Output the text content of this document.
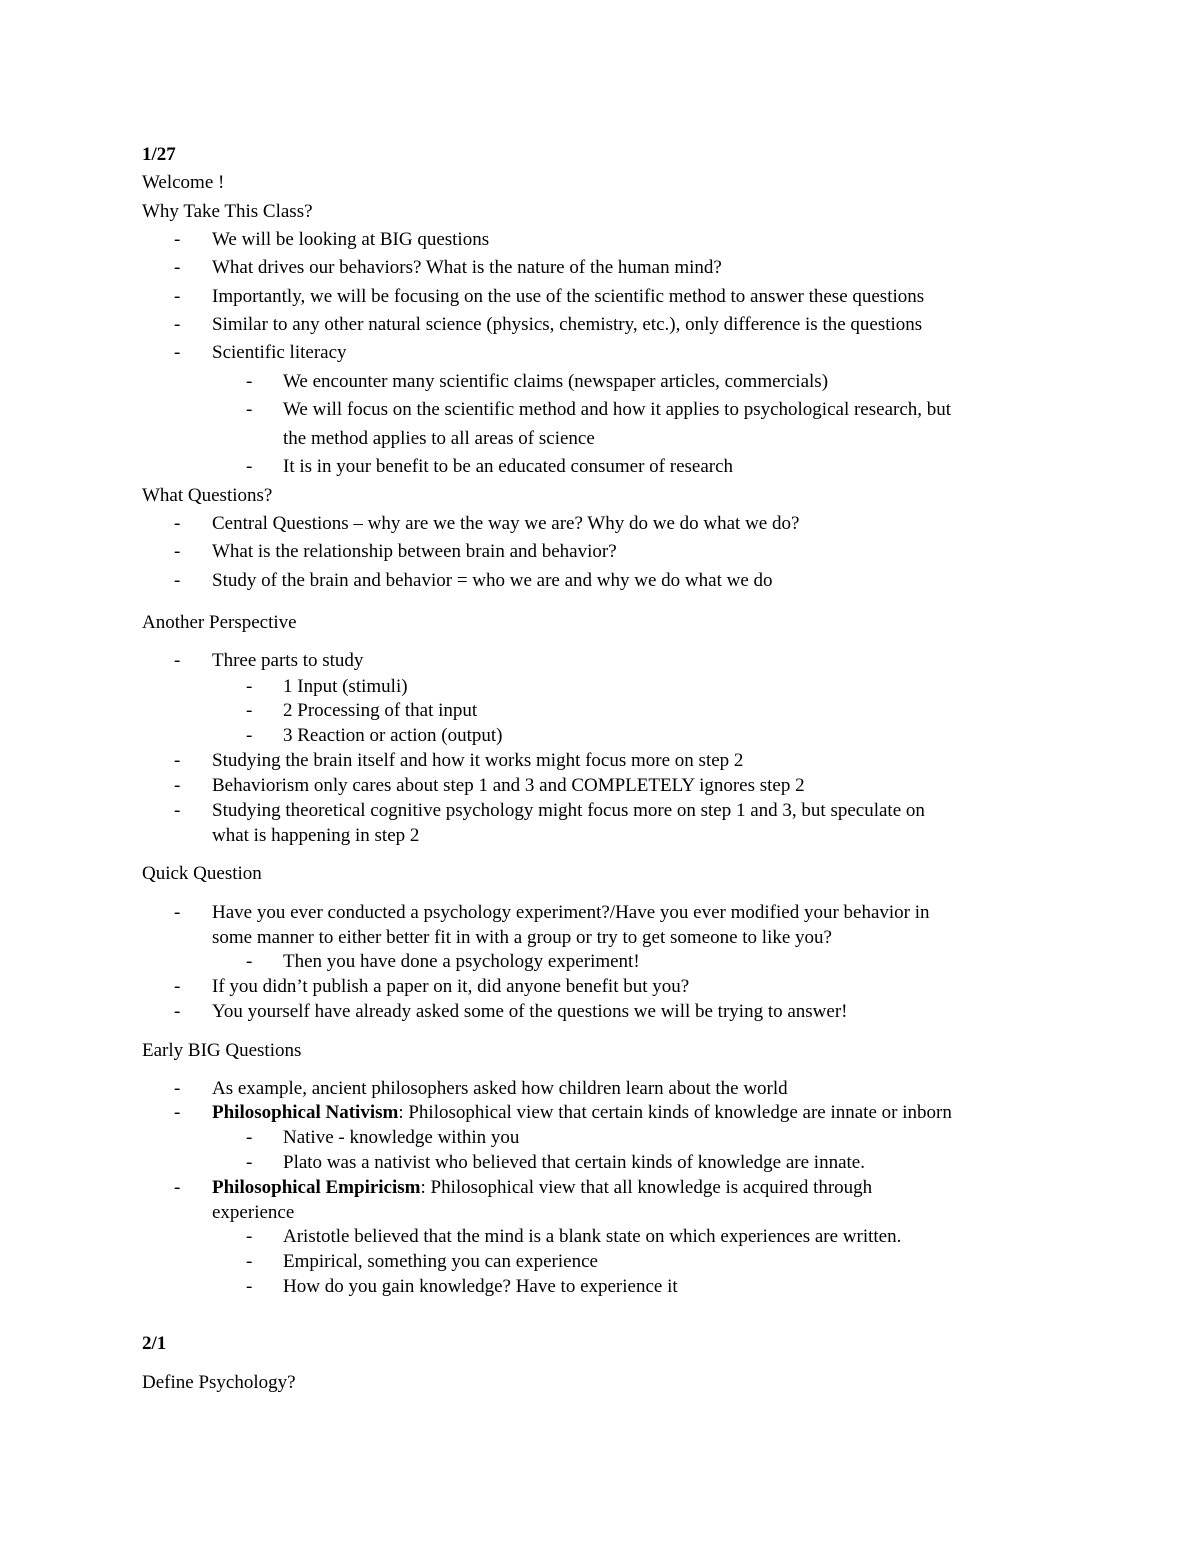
1/27
Welcome !
Why Take This Class?
- We will be looking at BIG questions
- What drives our behaviors? What is the nature of the human mind?
- Importantly, we will be focusing on the use of the scientific method to answer these questions
- Similar to any other natural science (physics, chemistry, etc.), only difference is the questions
- Scientific literacy
- We encounter many scientific claims (newspaper articles, commercials)
- We will focus on the scientific method and how it applies to psychological research, but
the method applies to all areas of science
- It is in your benefit to be an educated consumer of research
What Questions?
- Central Questions – why are we the way we are? Why do we do what we do?
- What is the relationship between brain and behavior?
- Study of the brain and behavior = who we are and why we do what we do
Another Perspective
- Three parts to study
- 1 Input (stimuli)
- 2 Processing of that input
- 3 Reaction or action (output)
- Studying the brain itself and how it works might focus more on step 2
- Behaviorism only cares about step 1 and 3 and COMPLETELY ignores step 2
- Studying theoretical cognitive psychology might focus more on step 1 and 3, but speculate on
what is happening in step 2
Quick Question
- Have you ever conducted a psychology experiment?/Have you ever modified your behavior in
some manner to either better fit in with a group or try to get someone to like you?
- Then you have done a psychology experiment!
- If you didn’t publish a paper on it, did anyone benefit but you?
- You yourself have already asked some of the questions we will be trying to answer!
Early BIG Questions
- As example, ancient philosophers asked how children learn about the world
- Philosophical Nativism: Philosophical view that certain kinds of knowledge are innate or inborn
- Native - knowledge within you
- Plato was a nativist who believed that certain kinds of knowledge are innate.
- Philosophical Empiricism: Philosophical view that all knowledge is acquired through
experience
- Aristotle believed that the mind is a blank state on which experiences are written.
- Empirical, something you can experience
- How do you gain knowledge? Have to experience it
2/1
Define Psychology?
